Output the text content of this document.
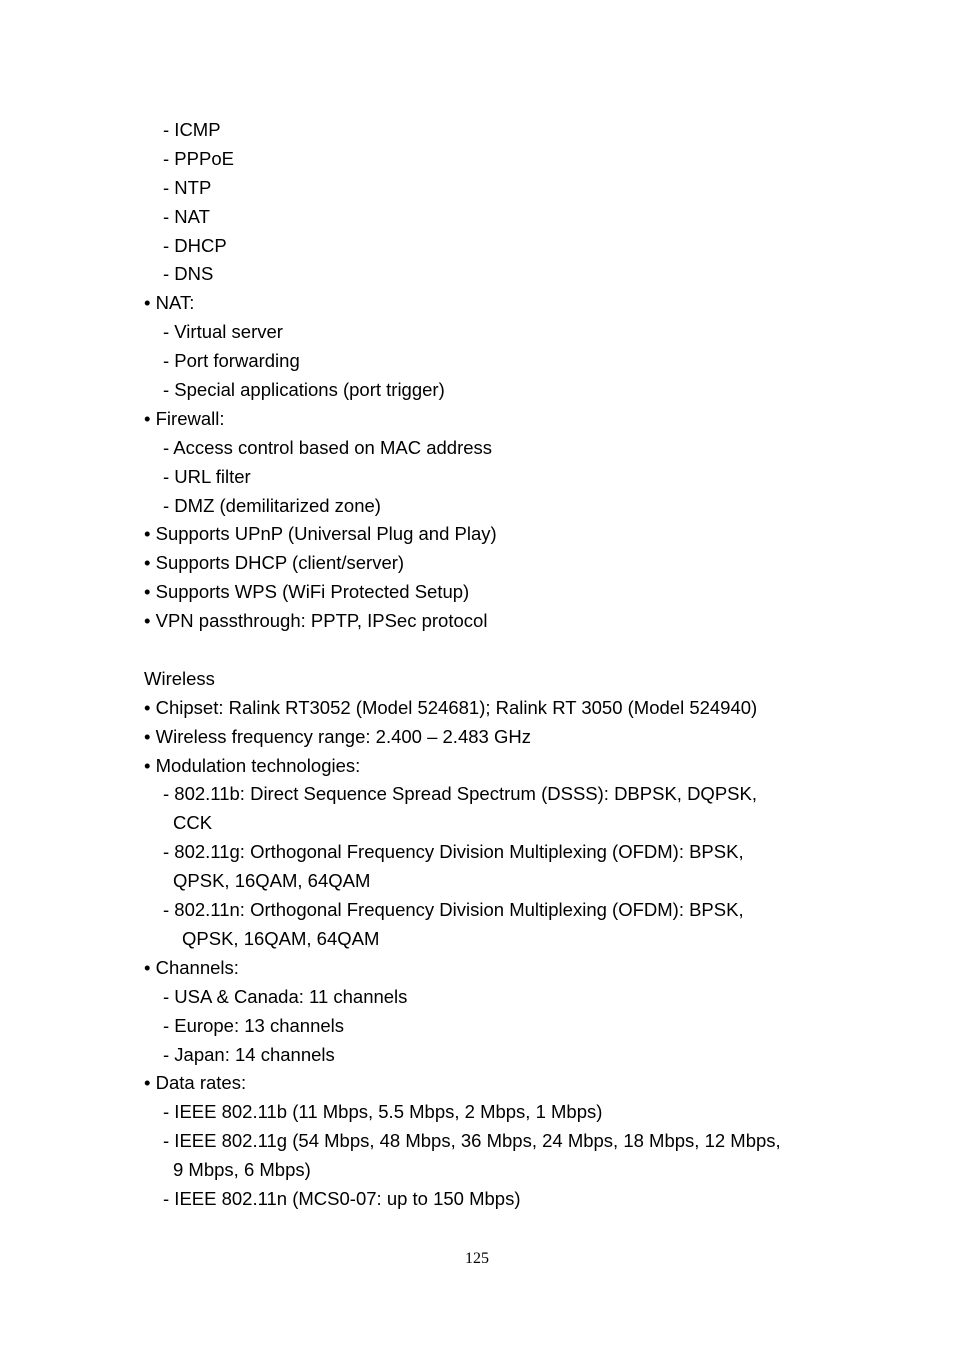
- ICMP
- PPPoE
- NTP
- NAT
- DHCP
- DNS
• NAT:
- Virtual server
- Port forwarding
- Special applications (port trigger)
• Firewall:
- Access control based on MAC address
- URL filter
- DMZ (demilitarized zone)
• Supports UPnP (Universal Plug and Play)
• Supports DHCP (client/server)
• Supports WPS (WiFi Protected Setup)
• VPN passthrough: PPTP, IPSec protocol
Wireless
• Chipset: Ralink RT3052 (Model 524681); Ralink RT 3050 (Model 524940)
• Wireless frequency range: 2.400 – 2.483 GHz
• Modulation technologies:
- 802.11b: Direct Sequence Spread Spectrum (DSSS): DBPSK, DQPSK,
CCK
- 802.11g: Orthogonal Frequency Division Multiplexing (OFDM): BPSK,
QPSK, 16QAM, 64QAM
- 802.11n: Orthogonal Frequency Division Multiplexing (OFDM): BPSK,
QPSK, 16QAM, 64QAM
• Channels:
- USA & Canada: 11 channels
- Europe: 13 channels
- Japan: 14 channels
• Data rates:
- IEEE 802.11b (11 Mbps, 5.5 Mbps, 2 Mbps, 1 Mbps)
- IEEE 802.11g (54 Mbps, 48 Mbps, 36 Mbps, 24 Mbps, 18 Mbps, 12 Mbps,
9 Mbps, 6 Mbps)
- IEEE 802.11n (MCS0-07: up to 150 Mbps)
125
